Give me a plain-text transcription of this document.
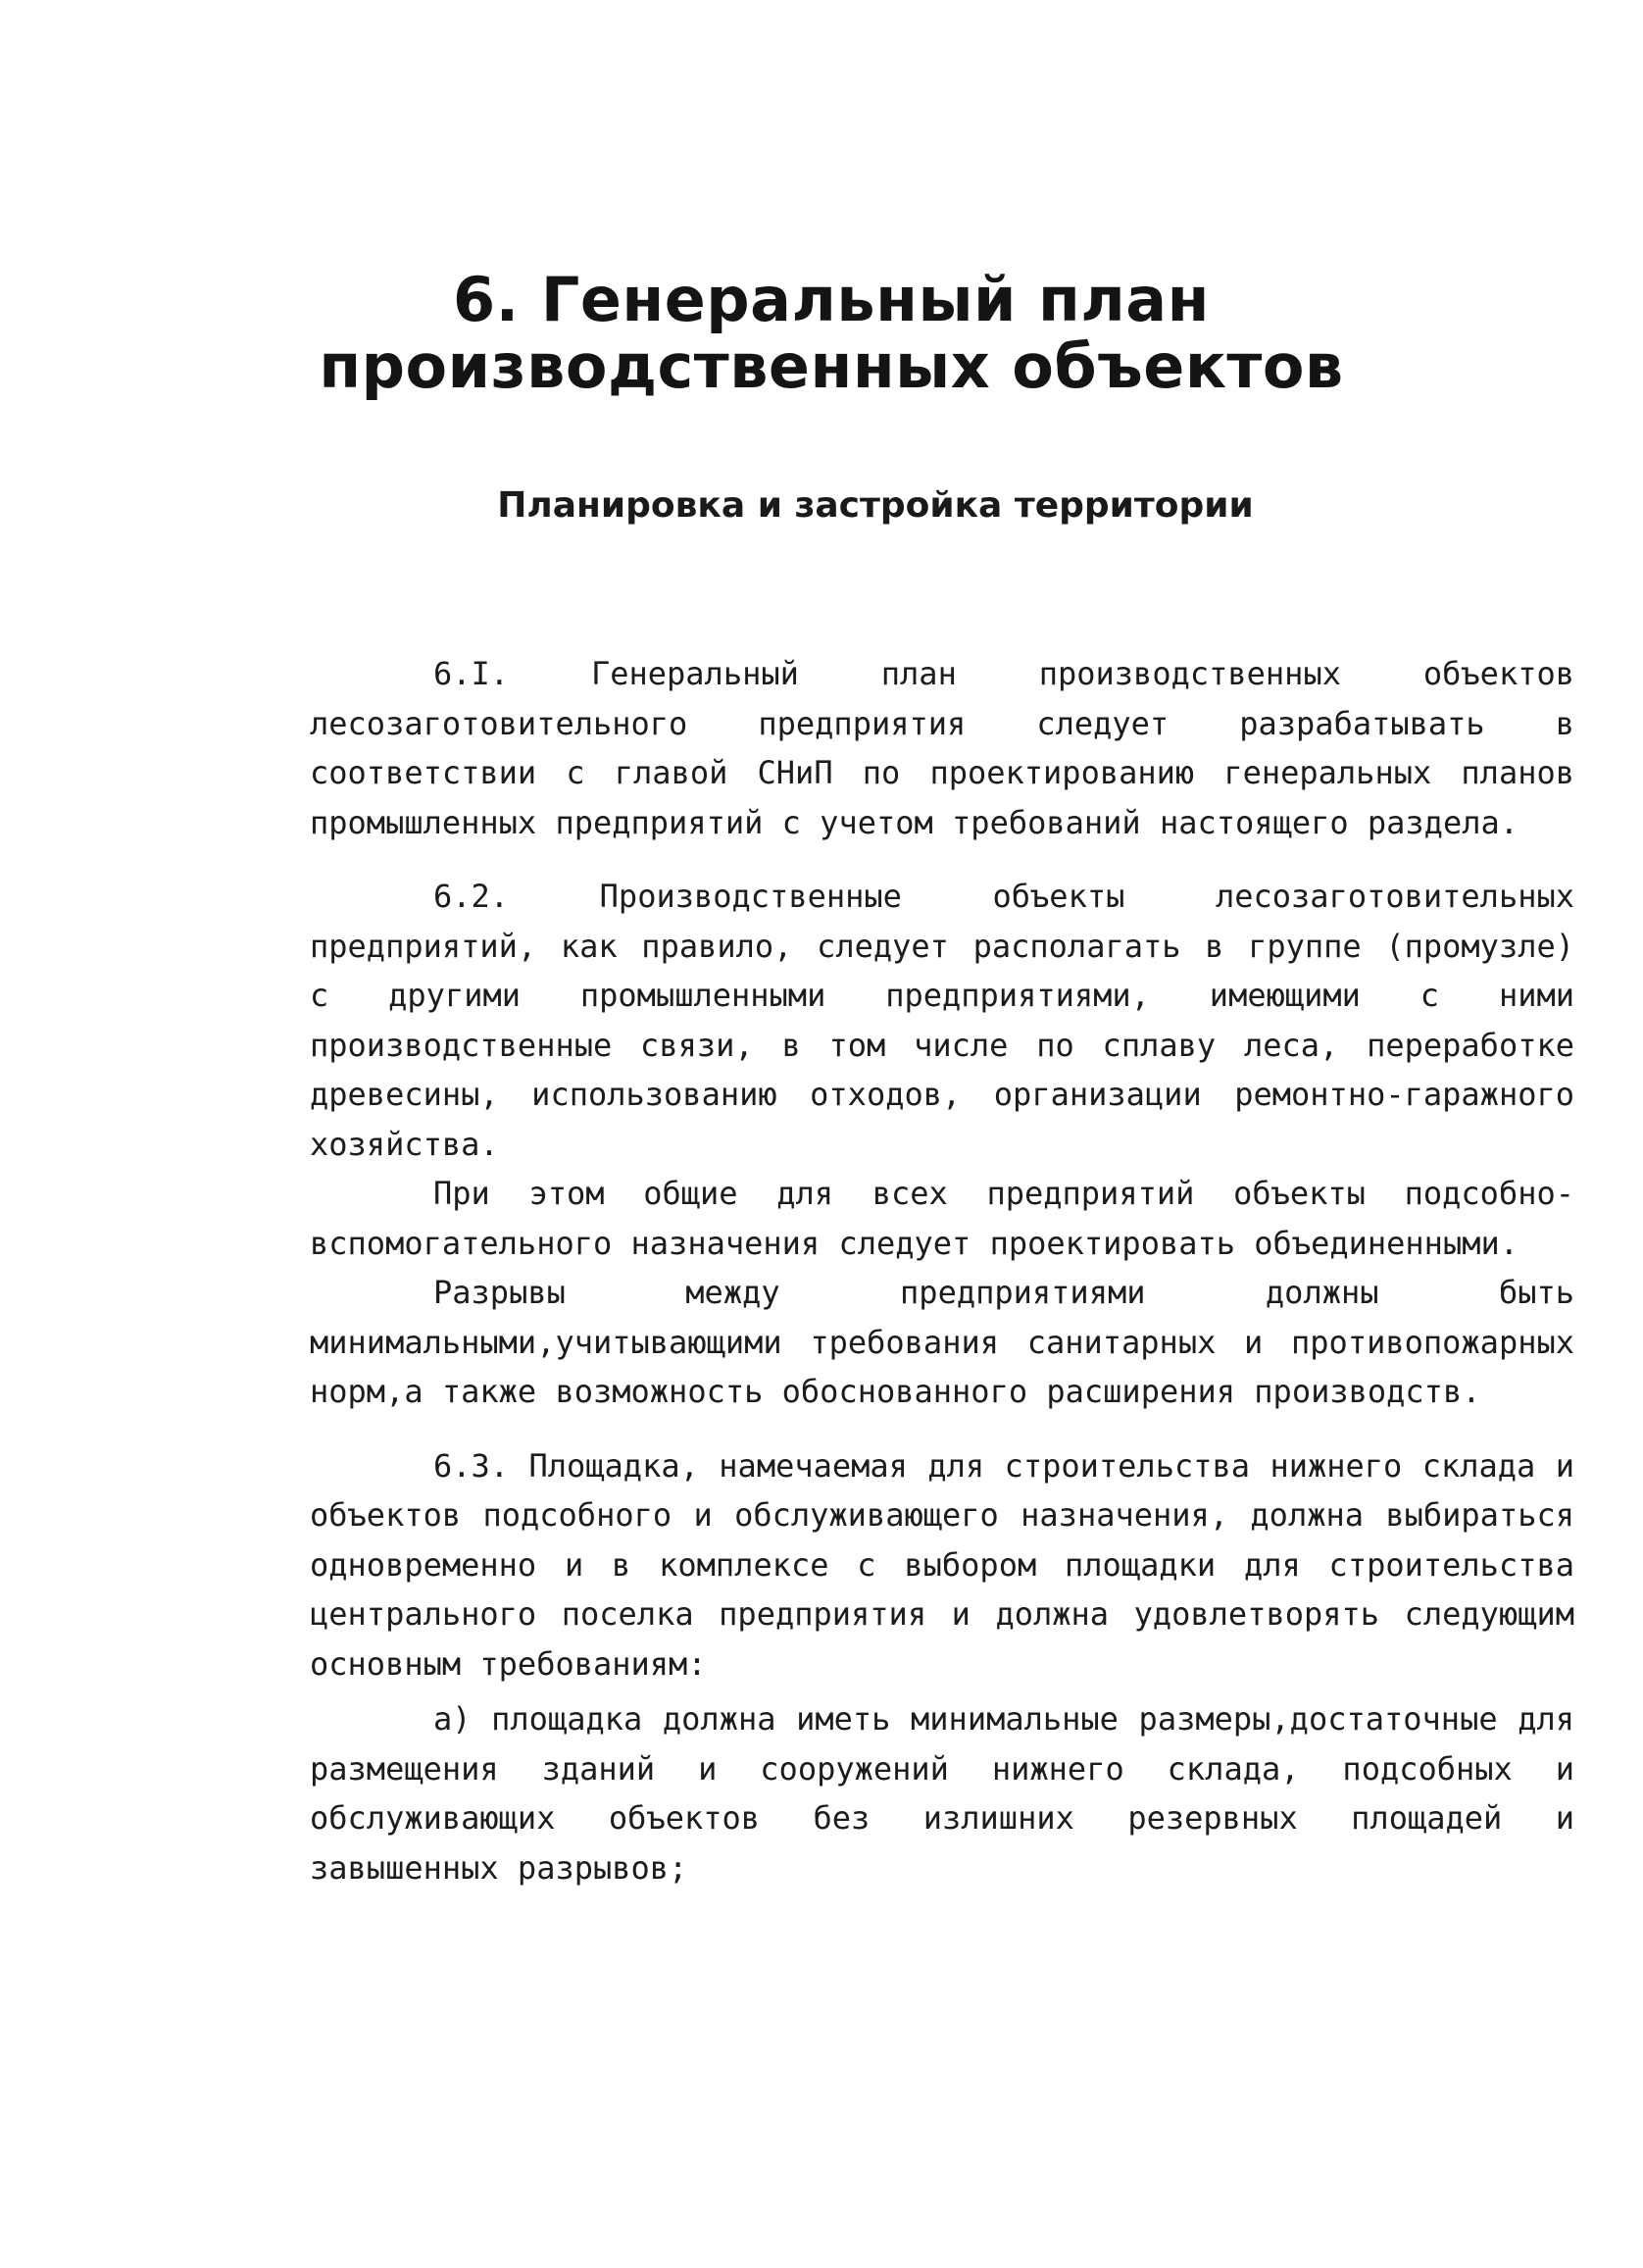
6. Генеральный план
производственных объектов
Планировка и застройка территории

6.I. Генеральный план производственных объектов лесозаготовительного предприятия следует разрабатывать в соответствии с главой СНиП по проектированию генеральных планов промышленных предприятий с учетом требований настоящего раздела.

6.2. Производственные объекты лесозаготовительных предприятий, как правило, следует располагать в группе (промузле) с другими промышленными предприятиями, имеющими с ними производственные связи, в том числе по сплаву леса, переработке древесины, использованию отходов, организации ремонтно-гаражного хозяйства.

При этом общие для всех предприятий объекты подсобно-вспомогательного назначения следует проектировать объединенными.

Разрывы между предприятиями должны быть минимальными,учитывающими требования санитарных и противопожарных норм,а также возможность обоснованного расширения производств.

6.3. Площадка, намечаемая для строительства нижнего склада и объектов подсобного и обслуживающего назначения, должна выбираться одновременно и в комплексе с выбором площадки для строительства центрального поселка предприятия и должна удовлетворять следующим основным требованиям:

а) площадка должна иметь минимальные размеры,достаточные для размещения зданий и сооружений нижнего склада, подсобных и обслуживающих объектов без излишних резервных площадей и завышенных разрывов;
